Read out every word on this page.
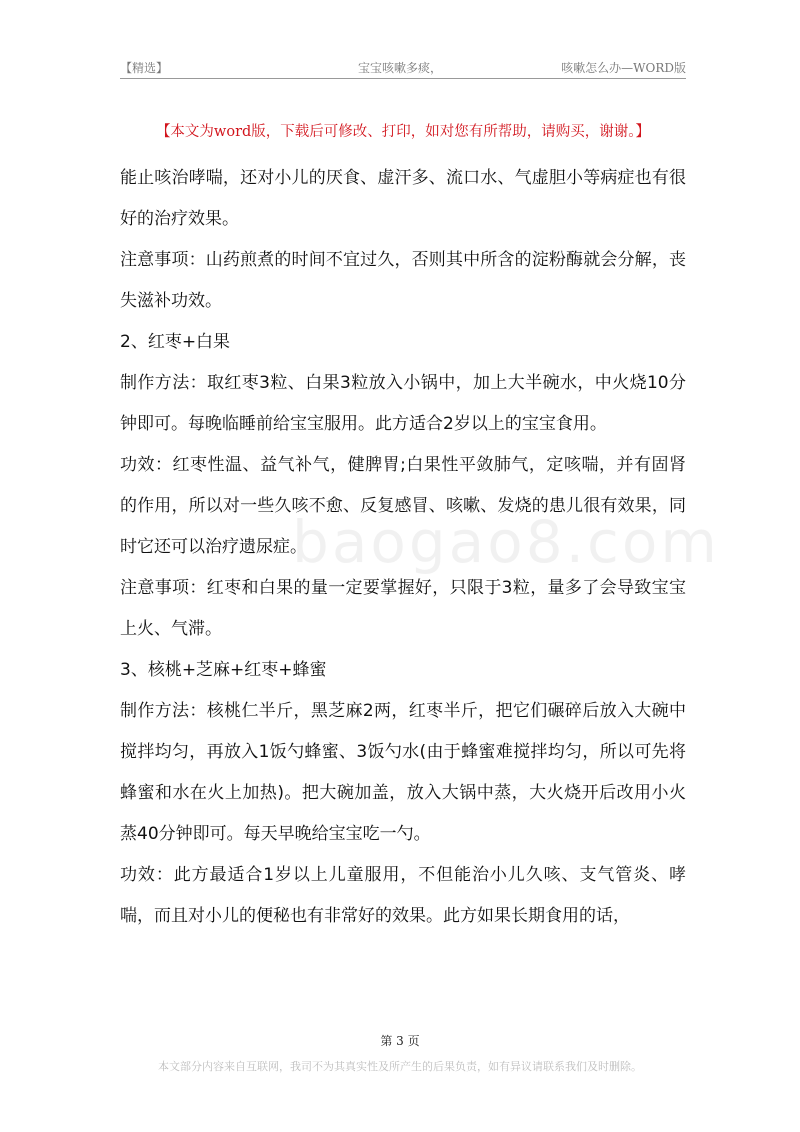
【精选】	宝宝咳嗽多痰，	咳嗽怎么办—WORD版
【本文为word版，下载后可修改、打印，如对您有所帮助，请购买，谢谢。】
baogao8.com

能止咳治哮喘，还对小儿的厌食、虚汗多、流口水、气虚胆小等病症也有很好的治疗效果。

注意事项：山药煎煮的时间不宜过久，否则其中所含的淀粉酶就会分解，丧失滋补功效。

2、红枣+白果

制作方法：取红枣3粒、白果3粒放入小锅中，加上大半碗水，中火烧10分钟即可。每晚临睡前给宝宝服用。此方适合2岁以上的宝宝食用。

功效：红枣性温、益气补气，健脾胃;白果性平敛肺气，定咳喘，并有固肾的作用，所以对一些久咳不愈、反复感冒、咳嗽、发烧的患儿很有效果，同时它还可以治疗遗尿症。

注意事项：红枣和白果的量一定要掌握好，只限于3粒，量多了会导致宝宝上火、气滞。

3、核桃+芝麻+红枣+蜂蜜

制作方法：核桃仁半斤，黑芝麻2两，红枣半斤，把它们碾碎后放入大碗中搅拌均匀，再放入1饭勺蜂蜜、3饭勺水(由于蜂蜜难搅拌均匀，所以可先将蜂蜜和水在火上加热)。把大碗加盖，放入大锅中蒸，大火烧开后改用小火蒸40分钟即可。每天早晚给宝宝吃一勺。

功效：此方最适合1岁以上儿童服用，不但能治小儿久咳、支气管炎、哮喘，而且对小儿的便秘也有非常好的效果。此方如果长期食用的话，

第 3 页
本文部分内容来自互联网，我司不为其真实性及所产生的后果负责，如有异议请联系我们及时删除。
